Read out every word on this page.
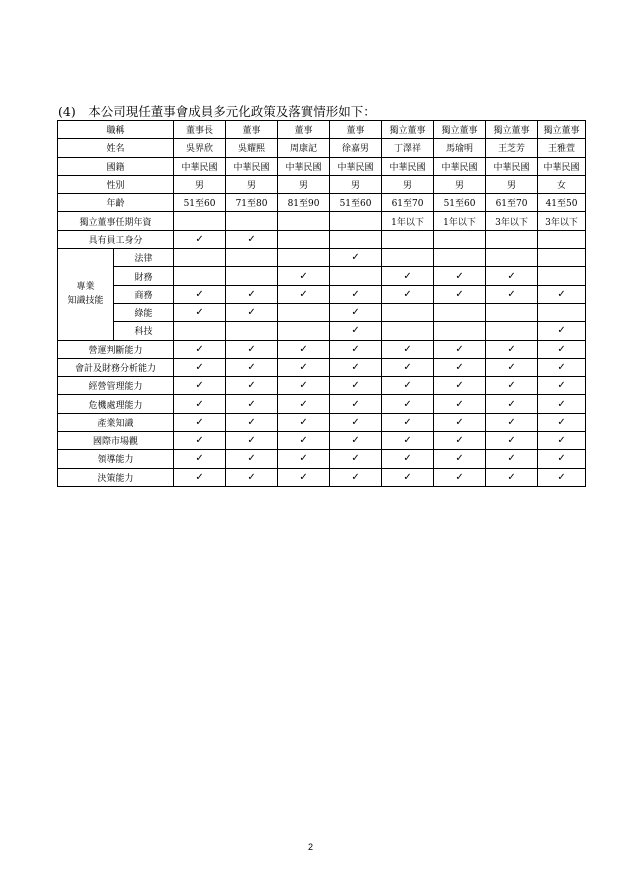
(4)　本公司現任董事會成員多元化政策及落實情形如下：
職稱		董事長	董事	董事	董事	獨立董事	獨立董事	獨立董事	獨立董事
姓名		吳界欣	吳耀熙	周康記	徐嘉男	丁澤祥	馬瑜明	王芝芳	王雅萱
國籍		中華民國	中華民國	中華民國	中華民國	中華民國	中華民國	中華民國	中華民國
性別		男	男	男	男	男	男	男	女
年齡		51至60	71至80	81至90	51至60	61至70	51至60	61至70	41至50
獨立董事任期年資						1年以下	1年以下	3年以下	3年以下
具有員工身分		✓	✓						

專業
知識技能	法律				✓				
	財務			✓		✓	✓	✓	
	商務	✓	✓	✓	✓	✓	✓	✓	✓
	綠能	✓	✓		✓				
	科技				✓				✓
營運判斷能力		✓	✓	✓	✓	✓	✓	✓	✓
會計及財務分析能力		✓	✓	✓	✓	✓	✓	✓	✓
經營管理能力		✓	✓	✓	✓	✓	✓	✓	✓
危機處理能力		✓	✓	✓	✓	✓	✓	✓	✓
產業知識		✓	✓	✓	✓	✓	✓	✓	✓
國際市場觀		✓	✓	✓	✓	✓	✓	✓	✓
領導能力		✓	✓	✓	✓	✓	✓	✓	✓
決策能力		✓	✓	✓	✓	✓	✓	✓	✓
2
